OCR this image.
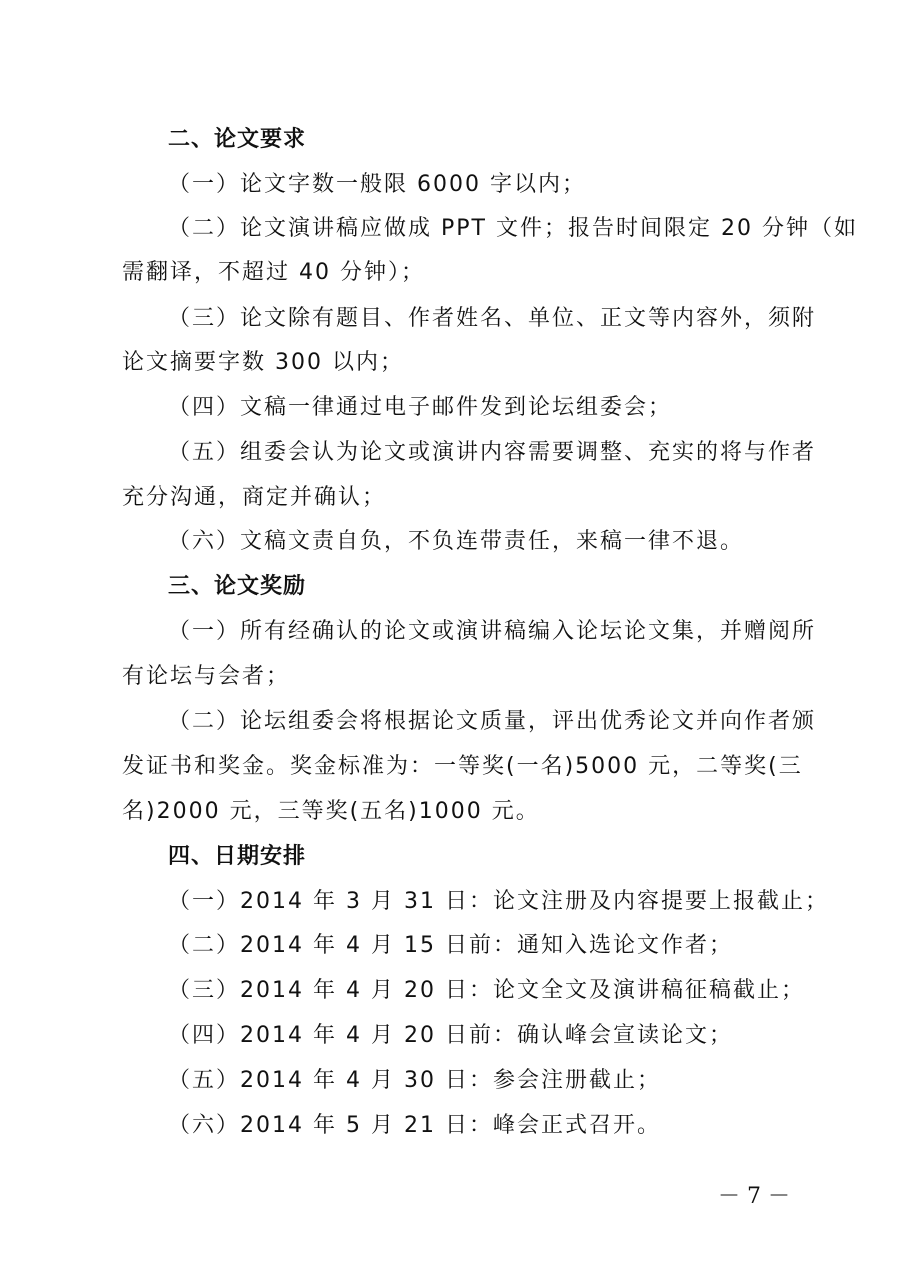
二、论文要求
（一）论文字数一般限 6000 字以内；
（二）论文演讲稿应做成 PPT 文件；报告时间限定 20 分钟（如
需翻译，不超过 40 分钟）；
（三）论文除有题目、作者姓名、单位、正文等内容外，须附
论文摘要字数 300 以内；
（四）文稿一律通过电子邮件发到论坛组委会；
（五）组委会认为论文或演讲内容需要调整、充实的将与作者
充分沟通，商定并确认；
（六）文稿文责自负，不负连带责任，来稿一律不退。
三、论文奖励
（一）所有经确认的论文或演讲稿编入论坛论文集，并赠阅所
有论坛与会者；
（二）论坛组委会将根据论文质量，评出优秀论文并向作者颁
发证书和奖金。奖金标准为：一等奖(一名)5000 元，二等奖(三
名)2000 元，三等奖(五名)1000 元。
四、日期安排
（一）2014 年 3 月 31 日：论文注册及内容提要上报截止；
（二）2014 年 4 月 15 日前：通知入选论文作者；
（三）2014 年 4 月 20 日：论文全文及演讲稿征稿截止；
（四）2014 年 4 月 20 日前：确认峰会宣读论文；
（五）2014 年 4 月 30 日：参会注册截止；
（六）2014 年 5 月 21 日：峰会正式召开。
－ 7 －
